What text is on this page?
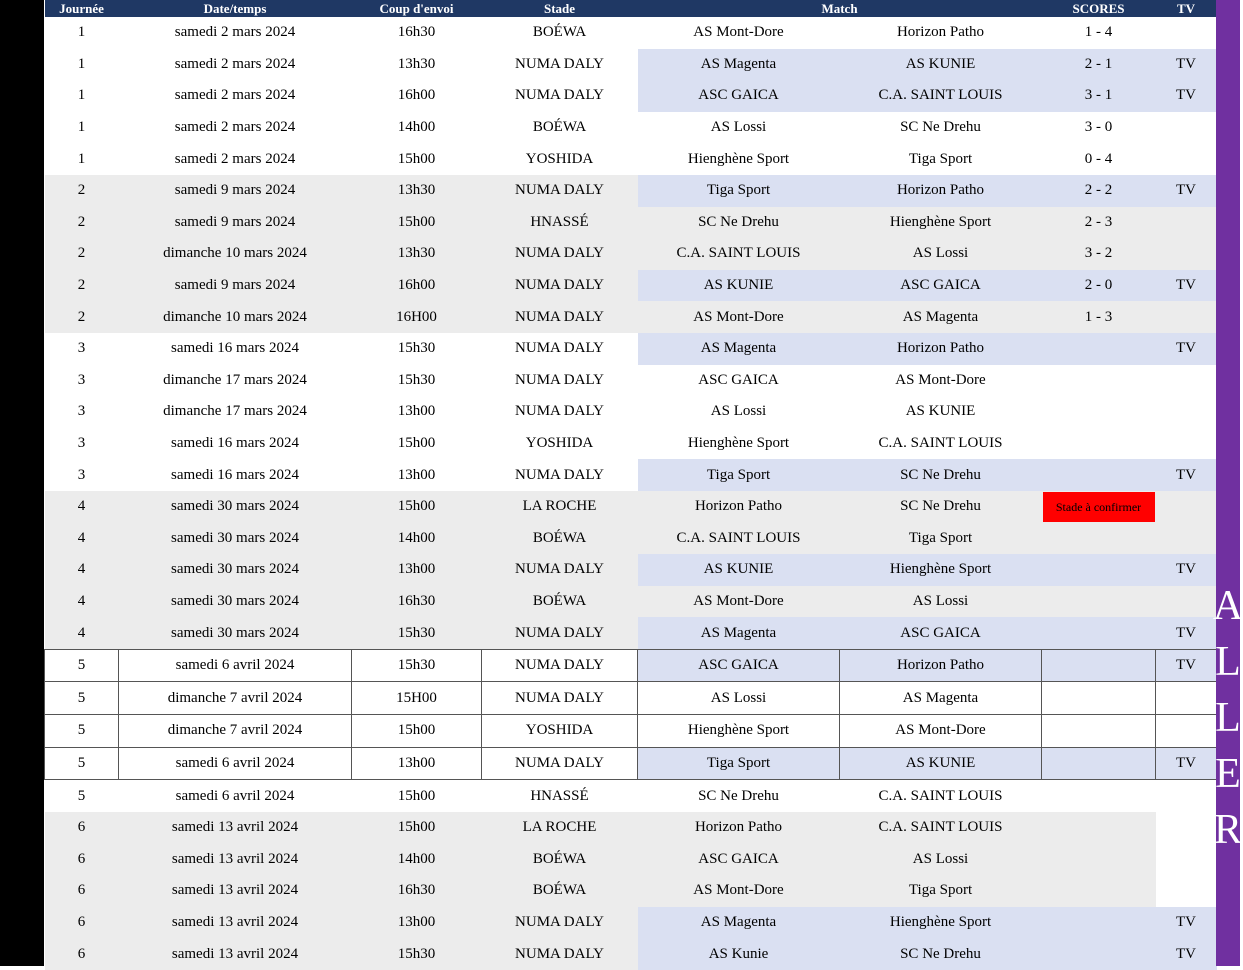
Journée	Date/temps	Coup d'envoi	Stade	Match		SCORES	TV
1	samedi 2 mars 2024	16h30	BOÉWA	AS Mont-Dore	Horizon Patho	1 - 4	
1	samedi 2 mars 2024	13h30	NUMA DALY	AS Magenta	AS KUNIE	2 - 1	TV
1	samedi 2 mars 2024	16h00	NUMA DALY	ASC GAICA	C.A. SAINT LOUIS	3 - 1	TV
1	samedi 2 mars 2024	14h00	BOÉWA	AS Lossi	SC Ne Drehu	3 - 0	
1	samedi 2 mars 2024	15h00	YOSHIDA	Hienghène Sport	Tiga Sport	0 - 4	
2	samedi 9 mars 2024	13h30	NUMA DALY	Tiga Sport	Horizon Patho	2 - 2	TV
2	samedi 9 mars 2024	15h00	HNASSÉ	SC Ne Drehu	Hienghène Sport	2 - 3	
2	dimanche 10 mars 2024	13h30	NUMA DALY	C.A. SAINT LOUIS	AS Lossi	3 - 2	
2	samedi 9 mars 2024	16h00	NUMA DALY	AS KUNIE	ASC GAICA	2 - 0	TV
2	dimanche 10 mars 2024	16H00	NUMA DALY	AS Mont-Dore	AS Magenta	1 - 3	
3	samedi 16 mars 2024	15h30	NUMA DALY	AS Magenta	Horizon Patho		TV
3	dimanche 17 mars 2024	15h30	NUMA DALY	ASC GAICA	AS Mont-Dore		
3	dimanche 17 mars 2024	13h00	NUMA DALY	AS Lossi	AS KUNIE		
3	samedi 16 mars 2024	15h00	YOSHIDA	Hienghène Sport	C.A. SAINT LOUIS		
3	samedi 16 mars 2024	13h00	NUMA DALY	Tiga Sport	SC Ne Drehu		TV
4	samedi 30 mars 2024	15h00	LA ROCHE	Horizon Patho	SC Ne Drehu	Stade à confirmer	
4	samedi 30 mars 2024	14h00	BOÉWA	C.A. SAINT LOUIS	Tiga Sport		
4	samedi 30 mars 2024	13h00	NUMA DALY	AS KUNIE	Hienghène Sport		TV
4	samedi 30 mars 2024	16h30	BOÉWA	AS Mont-Dore	AS Lossi		
4	samedi 30 mars 2024	15h30	NUMA DALY	AS Magenta	ASC GAICA		TV
5	samedi 6 avril 2024	15h30	NUMA DALY	ASC GAICA	Horizon Patho		TV
5	dimanche 7 avril 2024	15H00	NUMA DALY	AS Lossi	AS Magenta		
5	dimanche 7 avril 2024	15h00	YOSHIDA	Hienghène Sport	AS Mont-Dore		
5	samedi 6 avril 2024	13h00	NUMA DALY	Tiga Sport	AS KUNIE		TV
5	samedi 6 avril 2024	15h00	HNASSÉ	SC Ne Drehu	C.A. SAINT LOUIS		
6	samedi 13 avril 2024	15h00	LA ROCHE	Horizon Patho	C.A. SAINT LOUIS		
6	samedi 13 avril 2024	14h00	BOÉWA	ASC GAICA	AS Lossi		
6	samedi 13 avril 2024	16h30	BOÉWA	AS Mont-Dore	Tiga Sport		
6	samedi 13 avril 2024	13h00	NUMA DALY	AS Magenta	Hienghène Sport		TV
6	samedi 13 avril 2024	15h30	NUMA DALY	AS Kunie	SC Ne Drehu		TV
A
L
L
E
R
